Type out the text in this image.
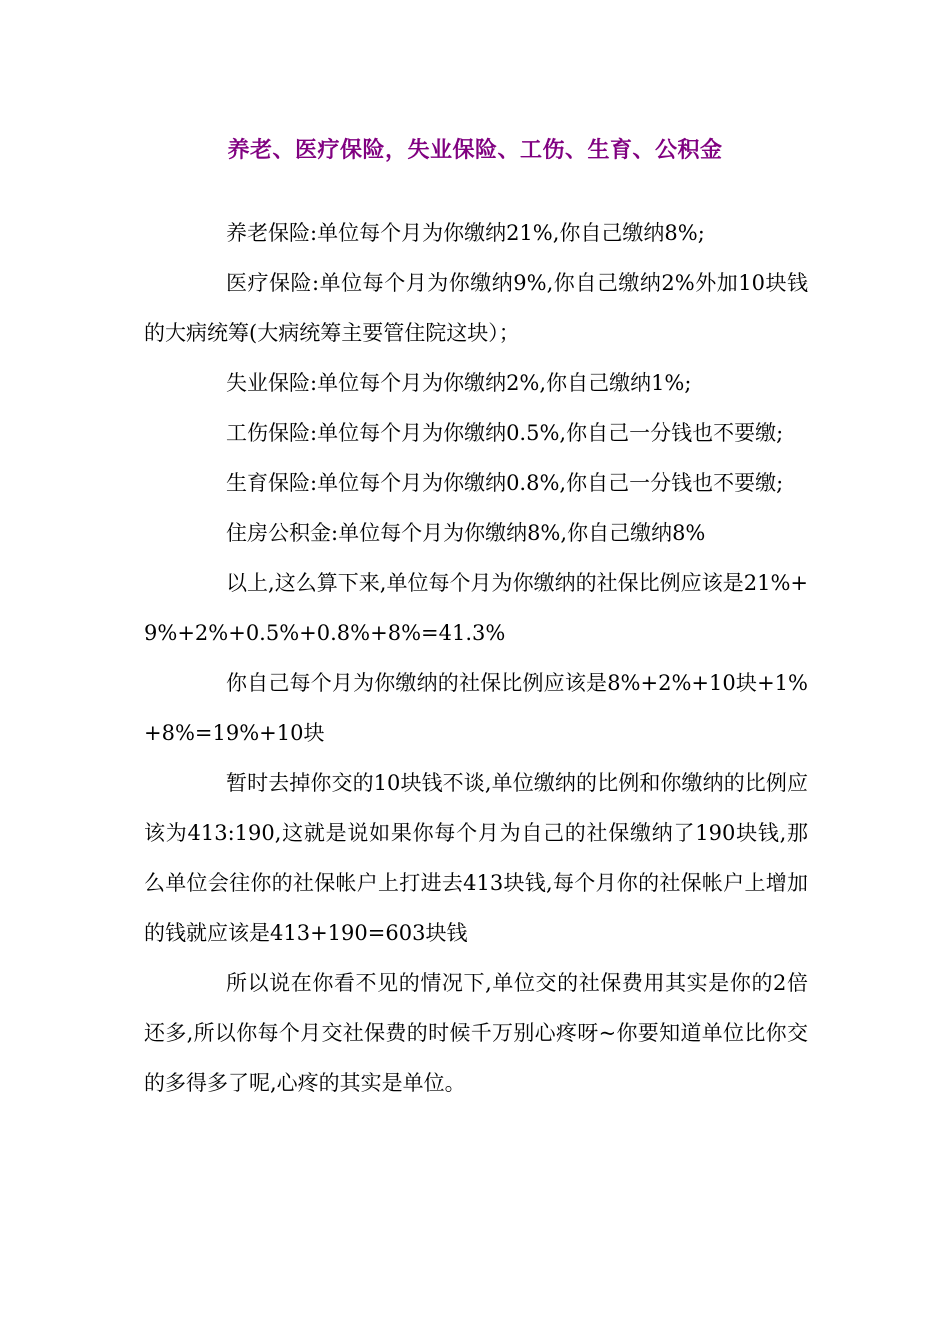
养老、医疗保险，失业保险、工伤、生育、公积金

养老保险:单位每个月为你缴纳21%,你自己缴纳8%;

医疗保险:单位每个月为你缴纳9%,你自己缴纳2%外加10块钱的大病统筹(大病统筹主要管住院这块）；

失业保险:单位每个月为你缴纳2%,你自己缴纳1%;

工伤保险:单位每个月为你缴纳0.5%,你自己一分钱也不要缴;

生育保险:单位每个月为你缴纳0.8%,你自己一分钱也不要缴;

住房公积金:单位每个月为你缴纳8%,你自己缴纳8%

以上,这么算下来,单位每个月为你缴纳的社保比例应该是21%+9%+2%+0.5%+0.8%+8%=41.3%

你自己每个月为你缴纳的社保比例应该是8%+2%+10块+1%+8%=19%+10块

暂时去掉你交的10块钱不谈,单位缴纳的比例和你缴纳的比例应该为413:190,这就是说如果你每个月为自己的社保缴纳了190块钱,那么单位会往你的社保帐户上打进去413块钱,每个月你的社保帐户上增加的钱就应该是413+190=603块钱

所以说在你看不见的情况下,单位交的社保费用其实是你的2倍还多,所以你每个月交社保费的时候千万别心疼呀~你要知道单位比你交的多得多了呢,心疼的其实是单位。
